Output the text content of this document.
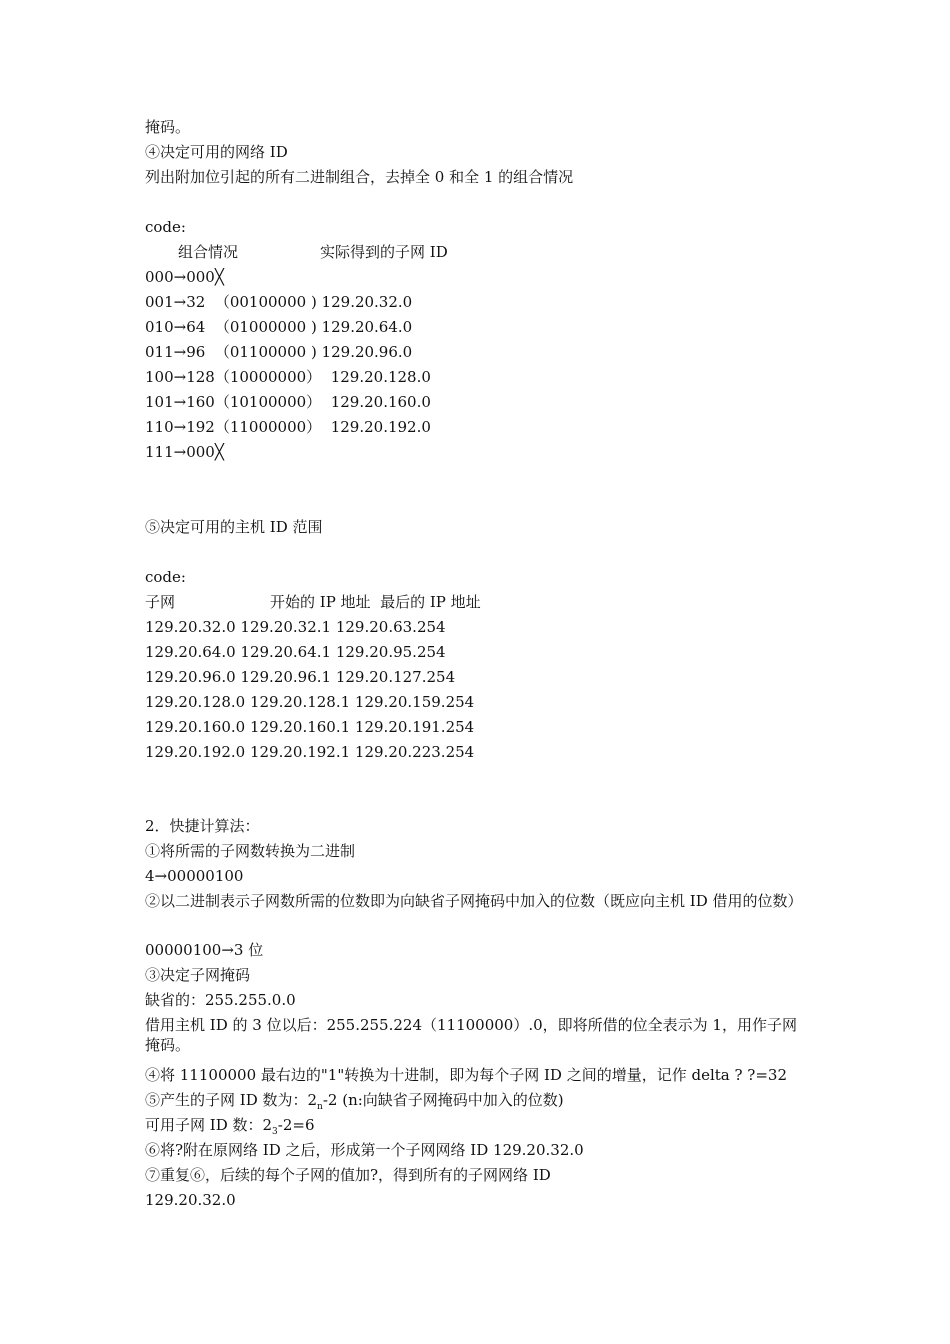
掩码。
④决定可用的网络 ID
列出附加位引起的所有二进制组合，去掉全 0 和全 1 的组合情况
code:
组合情况	实际得到的子网 ID
000→000╳
001→32  （00100000 ) 129.20.32.0
010→64  （01000000 ) 129.20.64.0
011→96  （01100000 ) 129.20.96.0
100→128（10000000）  129.20.128.0
101→160（10100000）  129.20.160.0
110→192（11000000）  129.20.192.0
111→000╳
⑤决定可用的主机 ID 范围
code:
子网	开始的 IP 地址  最后的 IP 地址
129.20.32.0 129.20.32.1 129.20.63.254
129.20.64.0 129.20.64.1 129.20.95.254
129.20.96.0 129.20.96.1 129.20.127.254
129.20.128.0 129.20.128.1 129.20.159.254
129.20.160.0 129.20.160.1 129.20.191.254
129.20.192.0 129.20.192.1 129.20.223.254
2．快捷计算法：
①将所需的子网数转换为二进制
4→00000100
②以二进制表示子网数所需的位数即为向缺省子网掩码中加入的位数（既应向主机 ID 借用的位数）
00000100→3 位
③决定子网掩码
缺省的：255.255.0.0
借用主机 ID 的 3 位以后：255.255.224（11100000）.0，即将所借的位全表示为 1，用作子网掩码。
④将 11100000 最右边的"1"转换为十进制，即为每个子网 ID 之间的增量，记作 delta ? ?=32
⑤产生的子网 ID 数为：$2_n-2$ (n:向缺省子网掩码中加入的位数)
可用子网 ID 数：$2_3-2=6$
⑥将?附在原网络 ID 之后，形成第一个子网网络 ID 129.20.32.0
⑦重复⑥，后续的每个子网的值加?，得到所有的子网网络 ID
129.20.32.0
